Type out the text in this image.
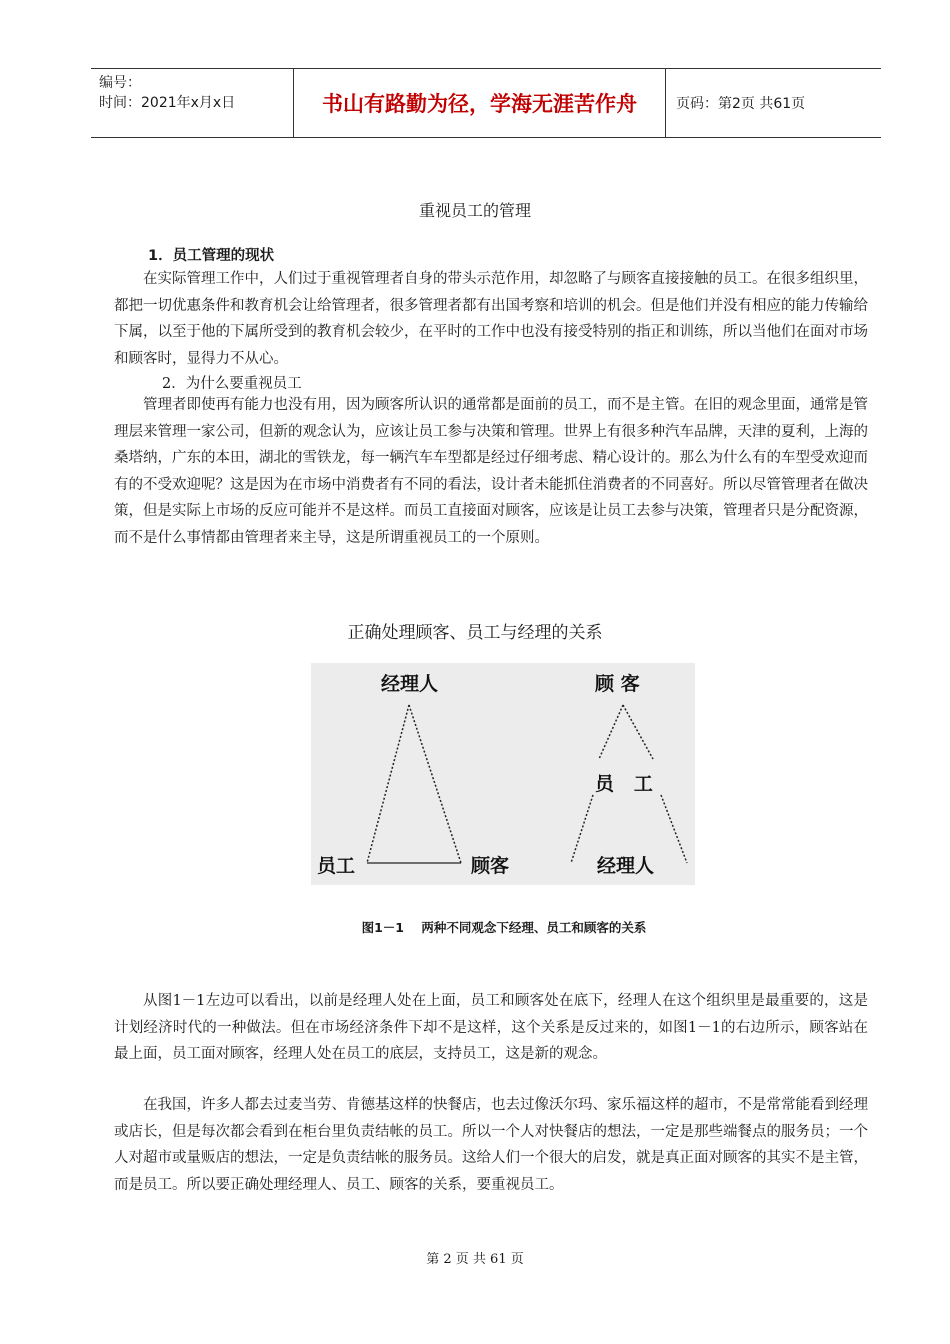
编号：
时间：2021年x月x日	书山有路勤为径，学海无涯苦作舟	页码：第2页 共61页
重视员工的管理
1．员工管理的现状

在实际管理工作中，人们过于重视管理者自身的带头示范作用，却忽略了与顾客直接接触的员工。在很多组织里，都把一切优惠条件和教育机会让给管理者，很多管理者都有出国考察和培训的机会。但是他们并没有相应的能力传输给下属，以至于他的下属所受到的教育机会较少，在平时的工作中也没有接受特别的指正和训练，所以当他们在面对市场和顾客时，显得力不从心。

2．为什么要重视员工

管理者即使再有能力也没有用，因为顾客所认识的通常都是面前的员工，而不是主管。在旧的观念里面，通常是管理层来管理一家公司，但新的观念认为，应该让员工参与决策和管理。世界上有很多种汽车品牌，天津的夏利，上海的桑塔纳，广东的本田，湖北的雪铁龙，每一辆汽车车型都是经过仔细考虑、精心设计的。那么为什么有的车型受欢迎而有的不受欢迎呢？这是因为在市场中消费者有不同的看法，设计者未能抓住消费者的不同喜好。所以尽管管理者在做决策，但是实际上市场的反应可能并不是这样。而员工直接面对顾客，应该是让员工去参与决策，管理者只是分配资源，而不是什么事情都由管理者来主导，这是所谓重视员工的一个原则。

正确处理顾客、员工与经理的关系
经理人
员工	顾客
顾 客
员   工
经理人
图1－1    两种不同观念下经理、员工和顾客的关系

从图1－1左边可以看出，以前是经理人处在上面，员工和顾客处在底下，经理人在这个组织里是最重要的，这是计划经济时代的一种做法。但在市场经济条件下却不是这样，这个关系是反过来的，如图1－1的右边所示，顾客站在最上面，员工面对顾客，经理人处在员工的底层，支持员工，这是新的观念。

在我国，许多人都去过麦当劳、肯德基这样的快餐店，也去过像沃尔玛、家乐福这样的超市，不是常常能看到经理或店长，但是每次都会看到在柜台里负责结帐的员工。所以一个人对快餐店的想法，一定是那些端餐点的服务员；一个人对超市或量贩店的想法，一定是负责结帐的服务员。这给人们一个很大的启发，就是真正面对顾客的其实不是主管，而是员工。所以要正确处理经理人、员工、顾客的关系，要重视员工。

第 2 页 共 61 页
